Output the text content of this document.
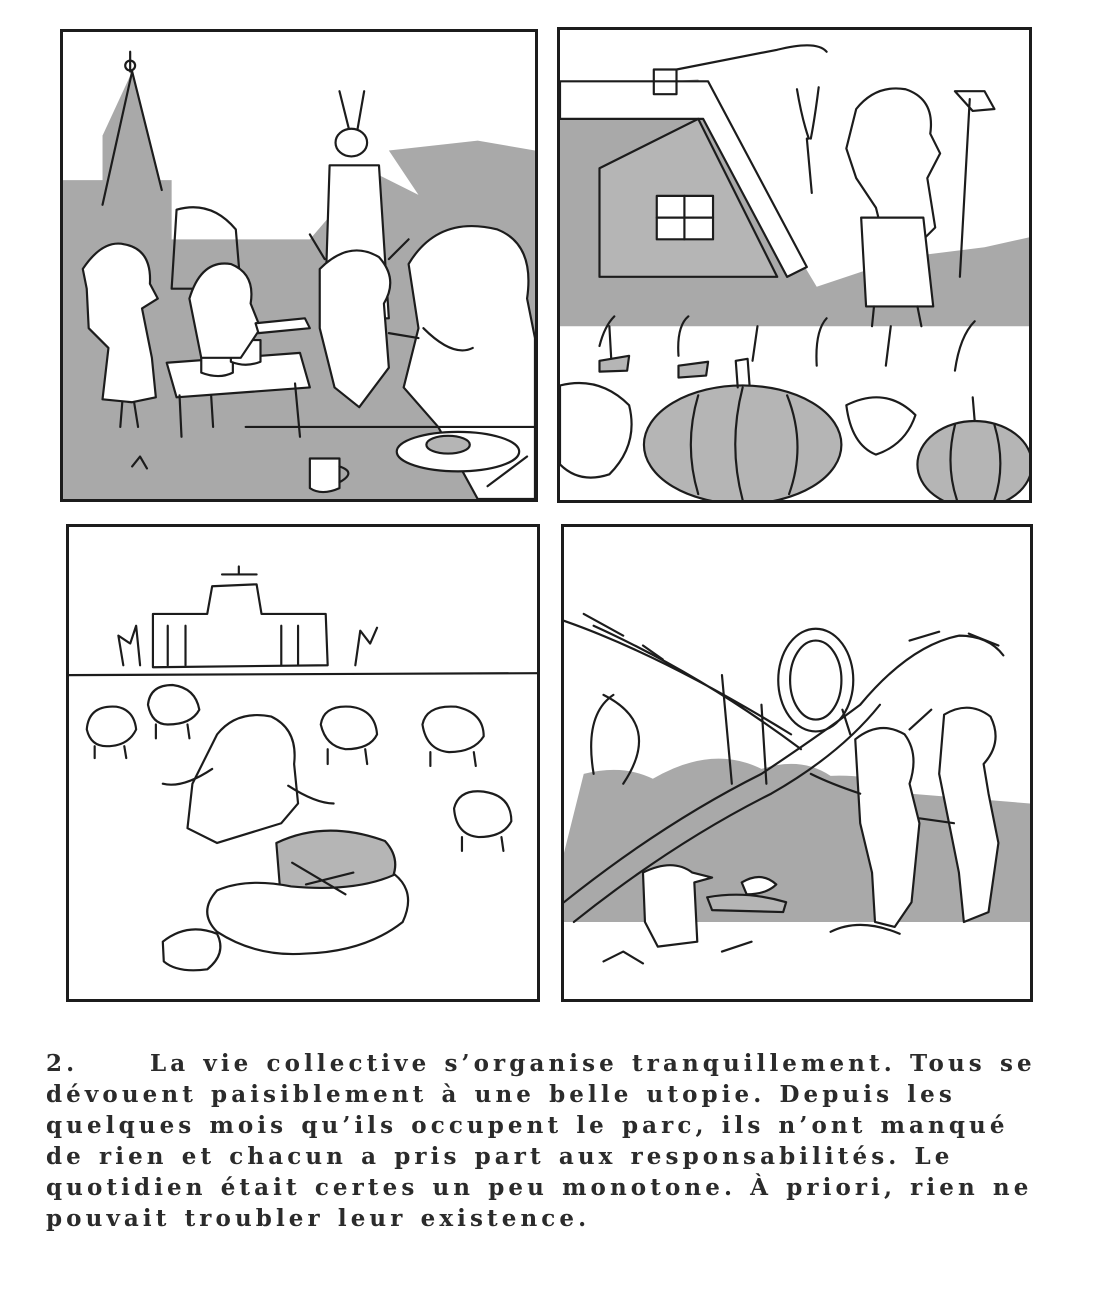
2.	La vie collective s’organise tranquillement. Tous se dévouent paisiblement à une belle utopie. Depuis les quelques mois qu’ils occupent le parc, ils n’ont manqué de rien et chacun a pris part aux responsabilités. Le quotidien était certes un peu monotone. À priori, rien ne pouvait troubler leur existence.
